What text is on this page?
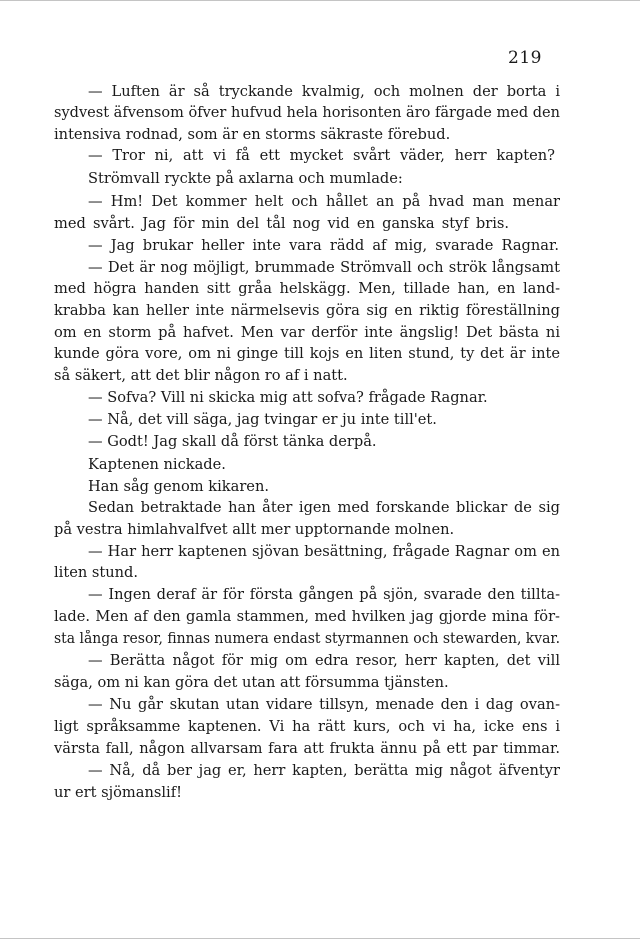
219
— Luften är så tryckande kvalmig, och molnen der borta i
sydvest äfvensom öfver hufvud hela horisonten äro färgade med den
intensiva rodnad, som är en storms säkraste förebud.
— Tror ni, att vi få ett mycket svårt väder, herr kapten?
Strömvall ryckte på axlarna och mumlade:
— Hm! Det kommer helt och hållet an på hvad man menar
med svårt. Jag för min del tål nog vid en ganska styf bris.
— Jag brukar heller inte vara rädd af mig, svarade Ragnar.
— Det är nog möjligt, brummade Strömvall och strök långsamt
med högra handen sitt gråa helskägg. Men, tillade han, en land-
krabba kan heller inte närmelsevis göra sig en riktig föreställning
om en storm på hafvet. Men var derför inte ängslig! Det bästa ni
kunde göra vore, om ni ginge till kojs en liten stund, ty det är inte
så säkert, att det blir någon ro af i natt.
— Sofva? Vill ni skicka mig att sofva? frågade Ragnar.
— Nå, det vill säga, jag tvingar er ju inte till'et.
— Godt! Jag skall då först tänka derpå.
Kaptenen nickade.
Han såg genom kikaren.
Sedan betraktade han åter igen med forskande blickar de sig
på vestra himlahvalfvet allt mer upptornande molnen.
— Har herr kaptenen sjövan besättning, frågade Ragnar om en
liten stund.
— Ingen deraf är för första gången på sjön, svarade den tillta-
lade. Men af den gamla stammen, med hvilken jag gjorde mina för-
sta långa resor, finnas numera endast styrmannen och stewarden, kvar.
— Berätta något för mig om edra resor, herr kapten, det vill
säga, om ni kan göra det utan att försumma tjänsten.
— Nu går skutan utan vidare tillsyn, menade den i dag ovan-
ligt språksamme kaptenen. Vi ha rätt kurs, och vi ha, icke ens i
värsta fall, någon allvarsam fara att frukta ännu på ett par timmar.
— Nå, då ber jag er, herr kapten, berätta mig något äfventyr
ur ert sjömanslif!
